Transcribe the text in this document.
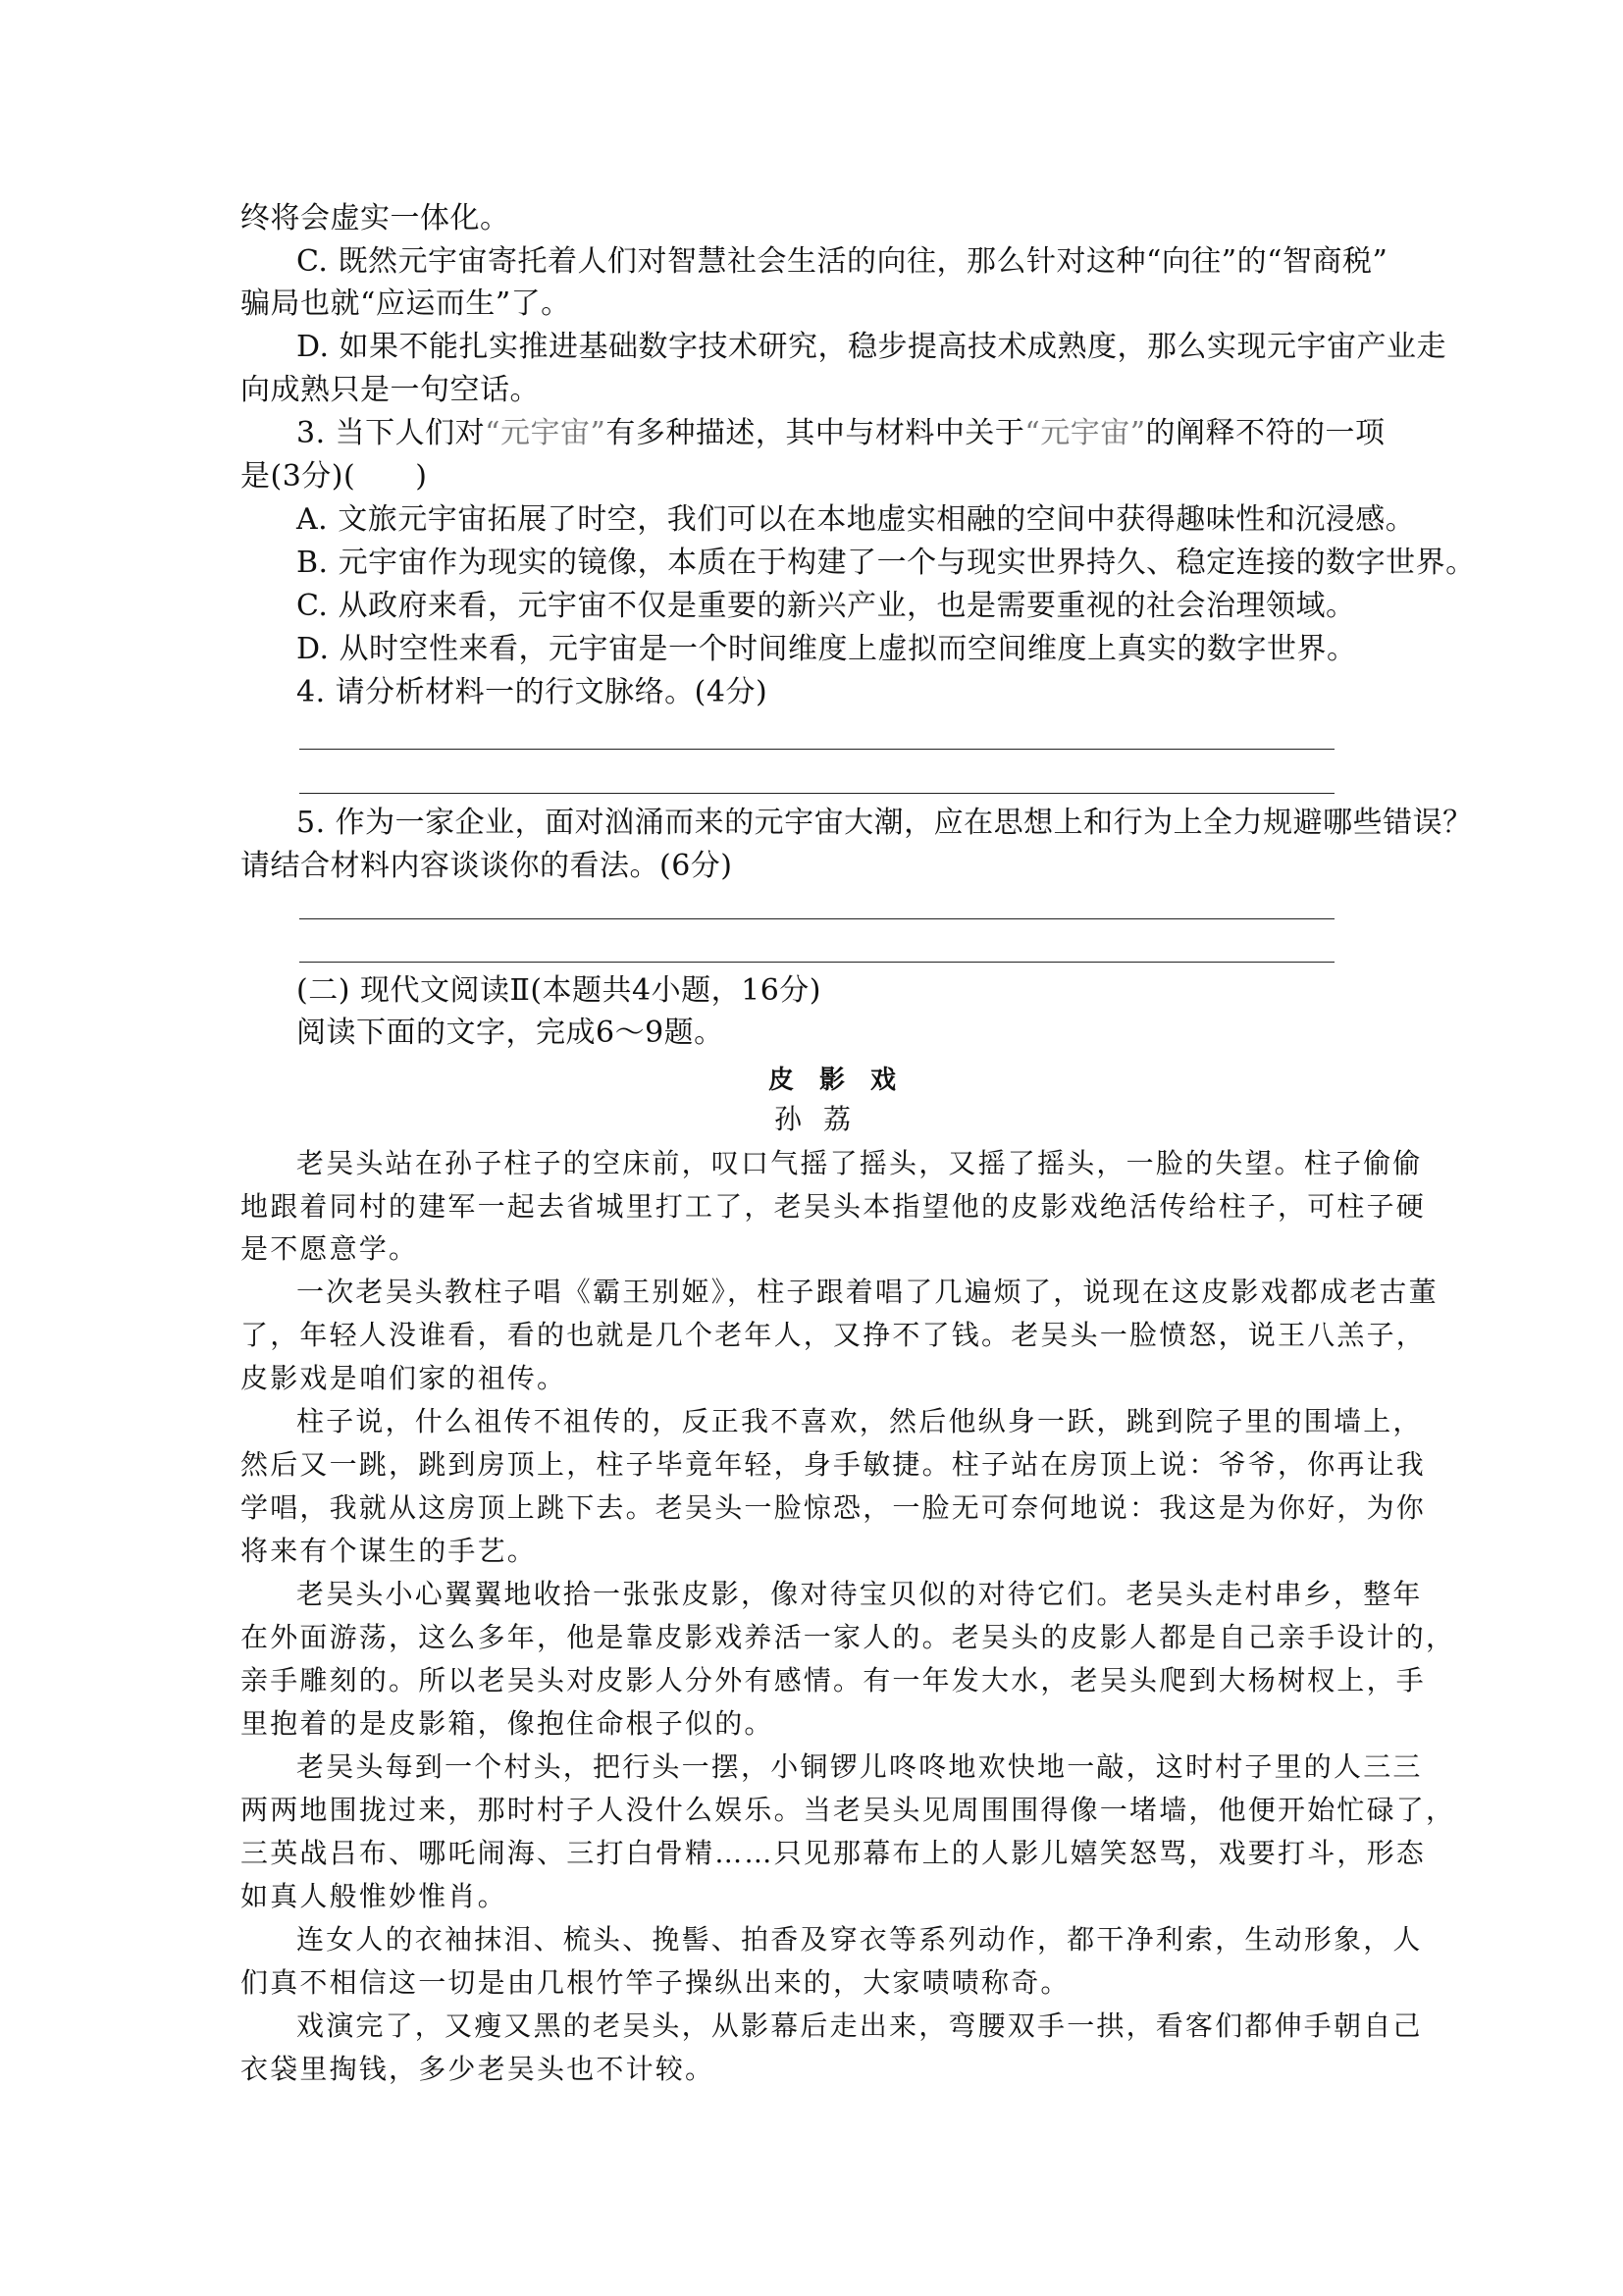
终将会虚实一体化。

C. 既然元宇宙寄托着人们对智慧社会生活的向往，那么针对这种“向往”的“智商税”

骗局也就“应运而生”了。

D. 如果不能扎实推进基础数字技术研究，稳步提高技术成熟度，那么实现元宇宙产业走

向成熟只是一句空话。

3. 当下人们对“元宇宙”有多种描述，其中与材料中关于“元宇宙”的阐释不符的一项

是(3分)(　　)

A. 文旅元宇宙拓展了时空，我们可以在本地虚实相融的空间中获得趣味性和沉浸感。

B. 元宇宙作为现实的镜像，本质在于构建了一个与现实世界持久、稳定连接的数字世界。

C. 从政府来看，元宇宙不仅是重要的新兴产业，也是需要重视的社会治理领域。

D. 从时空性来看，元宇宙是一个时间维度上虚拟而空间维度上真实的数字世界。

4. 请分析材料一的行文脉络。(4分)

5. 作为一家企业，面对汹涌而来的元宇宙大潮，应在思想上和行为上全力规避哪些错误？

请结合材料内容谈谈你的看法。(6分)

(二) 现代文阅读Ⅱ(本题共4小题，16分)

阅读下面的文字，完成6～9题。

皮影戏

孙荔

老吴头站在孙子柱子的空床前，叹口气摇了摇头，又摇了摇头，一脸的失望。柱子偷偷

地跟着同村的建军一起去省城里打工了，老吴头本指望他的皮影戏绝活传给柱子，可柱子硬

是不愿意学。

一次老吴头教柱子唱《霸王别姬》，柱子跟着唱了几遍烦了，说现在这皮影戏都成老古董

了，年轻人没谁看，看的也就是几个老年人，又挣不了钱。老吴头一脸愤怒，说王八羔子，

皮影戏是咱们家的祖传。

柱子说，什么祖传不祖传的，反正我不喜欢，然后他纵身一跃，跳到院子里的围墙上，

然后又一跳，跳到房顶上，柱子毕竟年轻，身手敏捷。柱子站在房顶上说：爷爷，你再让我

学唱，我就从这房顶上跳下去。老吴头一脸惊恐，一脸无可奈何地说：我这是为你好，为你

将来有个谋生的手艺。

老吴头小心翼翼地收拾一张张皮影，像对待宝贝似的对待它们。老吴头走村串乡，整年

在外面游荡，这么多年，他是靠皮影戏养活一家人的。老吴头的皮影人都是自己亲手设计的，

亲手雕刻的。所以老吴头对皮影人分外有感情。有一年发大水，老吴头爬到大杨树杈上，手

里抱着的是皮影箱，像抱住命根子似的。

老吴头每到一个村头，把行头一摆，小铜锣儿咚咚地欢快地一敲，这时村子里的人三三

两两地围拢过来，那时村子人没什么娱乐。当老吴头见周围围得像一堵墙，他便开始忙碌了，

三英战吕布、哪吒闹海、三打白骨精……只见那幕布上的人影儿嬉笑怒骂，戏要打斗，形态

如真人般惟妙惟肖。

连女人的衣袖抹泪、梳头、挽髻、拍香及穿衣等系列动作，都干净利索，生动形象，人

们真不相信这一切是由几根竹竿子操纵出来的，大家啧啧称奇。

戏演完了，又瘦又黑的老吴头，从影幕后走出来，弯腰双手一拱，看客们都伸手朝自己

衣袋里掏钱，多少老吴头也不计较。
